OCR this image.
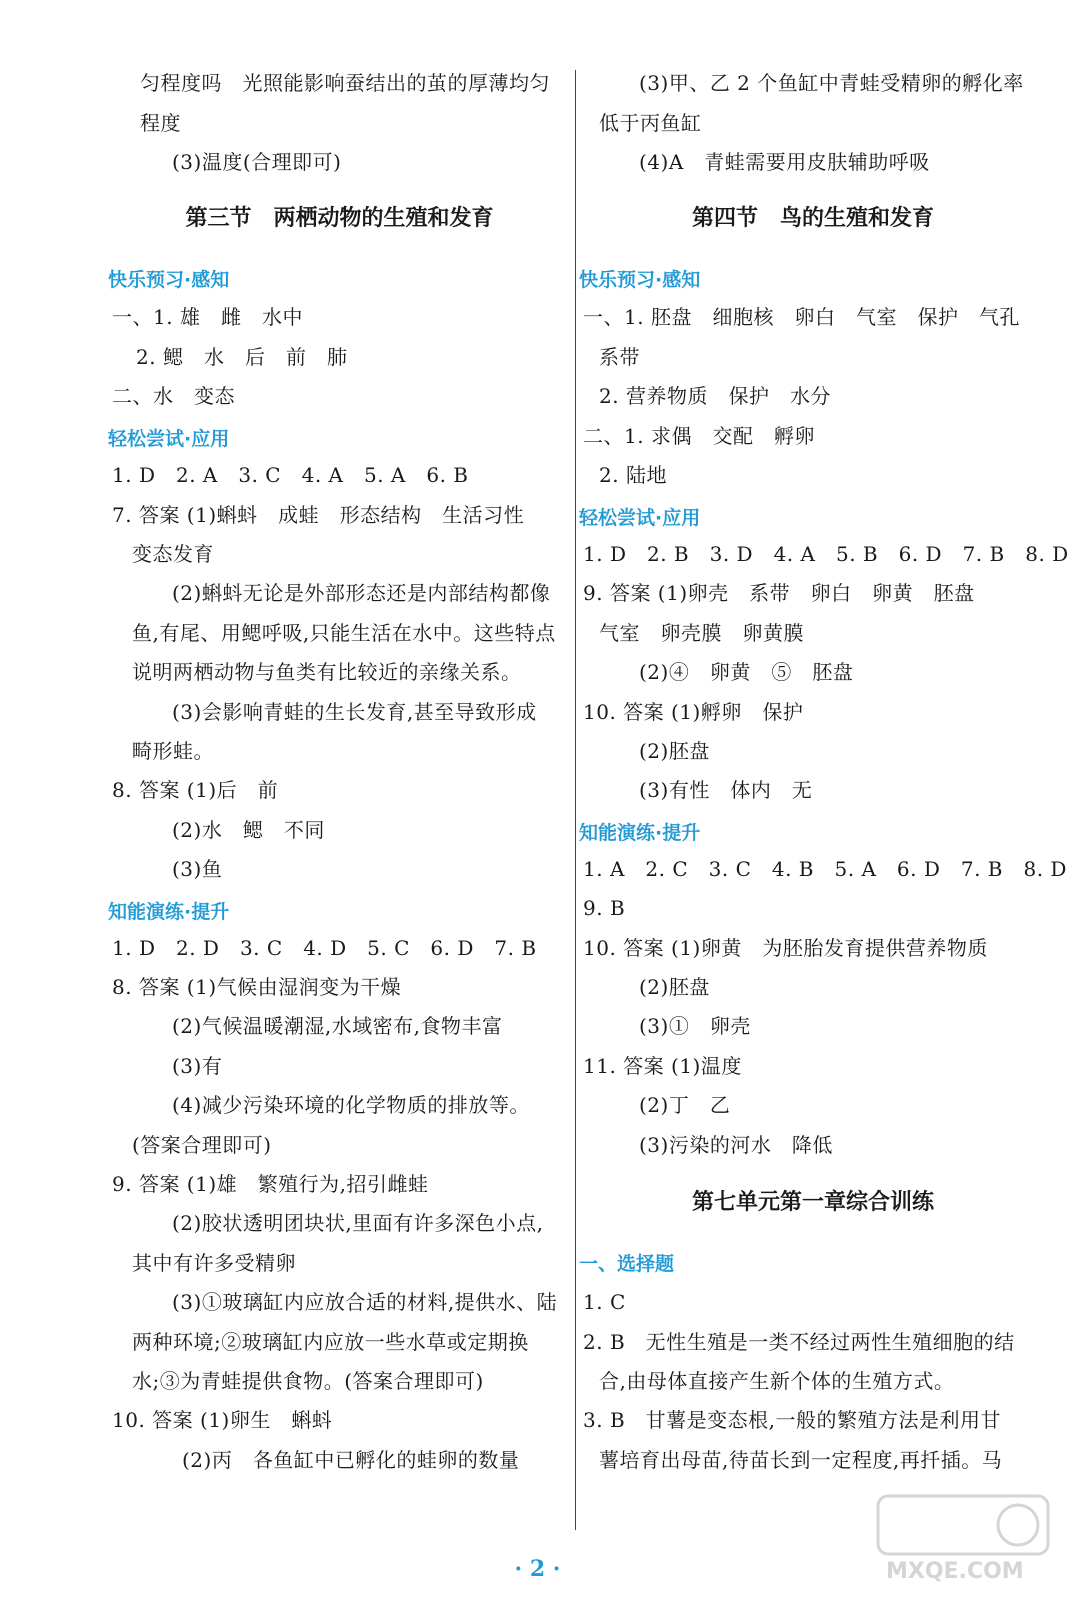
匀程度吗　光照能影响蚕结出的茧的厚薄均匀
程度
(3)温度(合理即可)
第三节　两栖动物的生殖和发育
快乐预习·感知
一、1. 雄　雌　水中
2. 鳃　水　后　前　肺
二、水　变态
轻松尝试·应用
1. D　2. A　3. C　4. A　5. A　6. B
7. 答案 (1)蝌蚪　成蛙　形态结构　生活习性
变态发育
(2)蝌蚪无论是外部形态还是内部结构都像
鱼,有尾、用鳃呼吸,只能生活在水中。这些特点
说明两栖动物与鱼类有比较近的亲缘关系。
(3)会影响青蛙的生长发育,甚至导致形成
畸形蛙。
8. 答案 (1)后　前
(2)水　鳃　不同
(3)鱼
知能演练·提升
1. D　2. D　3. C　4. D　5. C　6. D　7. B
8. 答案 (1)气候由湿润变为干燥
(2)气候温暖潮湿,水域密布,食物丰富
(3)有
(4)减少污染环境的化学物质的排放等。
(答案合理即可)
9. 答案 (1)雄　繁殖行为,招引雌蛙
(2)胶状透明团块状,里面有许多深色小点,
其中有许多受精卵
(3)①玻璃缸内应放合适的材料,提供水、陆
两种环境;②玻璃缸内应放一些水草或定期换
水;③为青蛙提供食物。(答案合理即可)
10. 答案 (1)卵生　蝌蚪
(2)丙　各鱼缸中已孵化的蛙卵的数量
(3)甲、乙 2 个鱼缸中青蛙受精卵的孵化率
低于丙鱼缸
(4)A　青蛙需要用皮肤辅助呼吸
第四节　鸟的生殖和发育
快乐预习·感知
一、1. 胚盘　细胞核　卵白　气室　保护　气孔
系带
2. 营养物质　保护　水分
二、1. 求偶　交配　孵卵
2. 陆地
轻松尝试·应用
1. D　2. B　3. D　4. A　5. B　6. D　7. B　8. D
9. 答案 (1)卵壳　系带　卵白　卵黄　胚盘
气室　卵壳膜　卵黄膜
(2)④　卵黄　⑤　胚盘
10. 答案 (1)孵卵　保护
(2)胚盘
(3)有性　体内　无
知能演练·提升
1. A　2. C　3. C　4. B　5. A　6. D　7. B　8. D
9. B
10. 答案 (1)卵黄　为胚胎发育提供营养物质
(2)胚盘
(3)①　卵壳
11. 答案 (1)温度
(2)丁　乙
(3)污染的河水　降低
第七单元第一章综合训练
一、选择题
1. C
2. B　无性生殖是一类不经过两性生殖细胞的结
合,由母体直接产生新个体的生殖方式。
3. B　甘薯是变态根,一般的繁殖方法是利用甘
薯培育出母苗,待苗长到一定程度,再扦插。马
· 2 ·	MXQE.COM
